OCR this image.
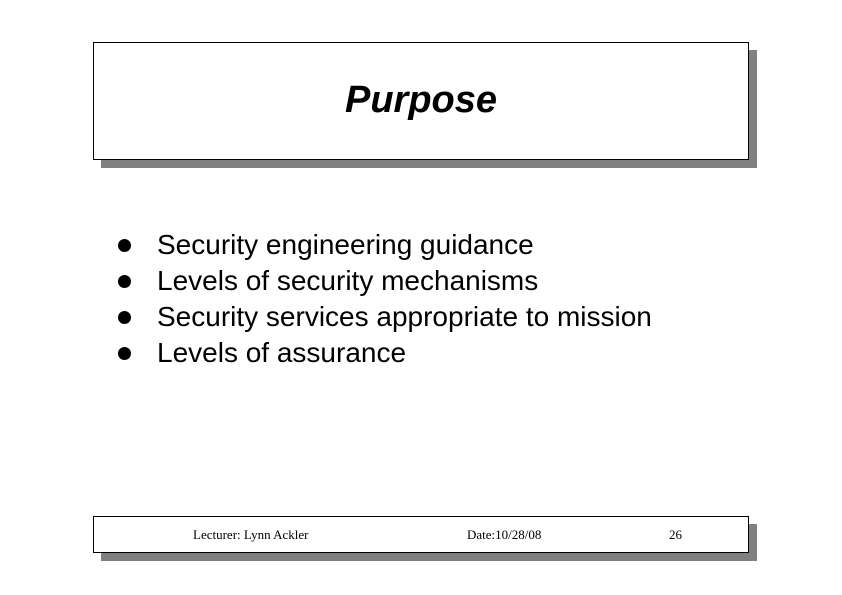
Purpose
Security engineering guidance
Levels of security mechanisms
Security services appropriate to mission
Levels of assurance
Lecturer: Lynn Ackler	Date:10/28/08	26
